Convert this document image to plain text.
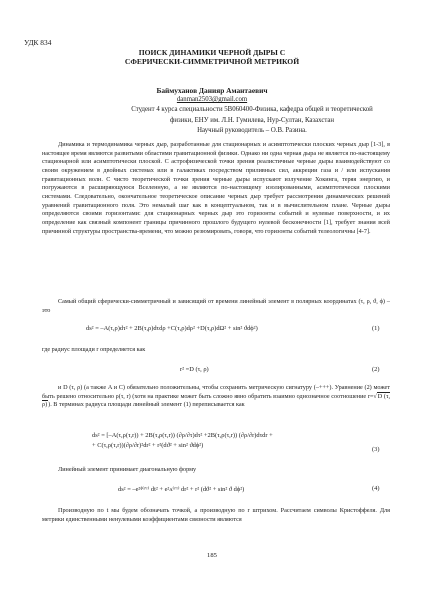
УДК 834
ПОИСК ДИНАМИКИ ЧЕРНОЙ ДЫРЫ С
СФЕРИЧЕСКИ-СИММЕТРИЧНОЙ МЕТРИКОЙ
Баймуханов Данияр Амантаевич
danman2503@gmail.com
Студент 4 курса специальности 5В060400-Физика, кафедра общей и теоретической
физики, ЕНУ им. Л.Н. Гумилева, Нур-Султан, Казахстан
Научный руководитель – О.В. Разина.
Динамика и термодинамика черных дыр, разработанные для стационарных и асимптотически плоских черных дыр [1-3], в настоящее время являются развитыми областями гравитационной физики. Однако ни одна черная дыра не является по-настоящему стационарной или асимптотически плоской. С астрофизической точки зрения реалистичные черные дыры взаимодействуют со своим окружением в двойных системах или в галактиках посредством приливных сил, аккреции газа и / или испускания гравитационных волн. С чисто теоретической точки зрения черные дыры испускают излучение Хокинга, теряя энергию, и погружаются в расширяющуюся Вселенную, а не являются по-настоящему изолированными, асимптотически плоскими системами. Следовательно, окончательное теоретическое описание черных дыр требует рассмотрения динамических решений уравнений гравитационного поля. Это немалый шаг как в концептуальном, так и в вычислительном плане. Черные дыры определяются своими горизонтами: для стационарных черных дыр это горизонты событий и нулевые поверхности, и их определение как связный компонент границы причинного прошлого будущего нулевой бесконечности [1], требует знания всей причинной структуры пространства-времени, что можно резюмировать, говоря, что горизонты событий телеологичны [4-7].
Самый общий сферически-симметричный и зависящий от времени линейный элемент в полярных координатах (τ, ρ, ϑ, ϕ) – это
ds² = –A(τ,ρ)dτ² + 2B(τ,ρ)dτdρ +C(τ,ρ)dρ² +D(τ,ρ)dΩ² + sin² ϑdϕ²)	(1)
где радиус площади r определяется как
r² =D (τ, ρ)	(2)
и D (τ, ρ) (а также A и C) обязательно положительны, чтобы сохранить метрическую сигнатуру (–+++). Уравнение (2) может быть решено относительно ρ(τ, r) (хотя на практике может быть сложно явно обратить взаимно однозначное соотношение r=√D (τ, ρ)). В терминах радиуса площади линейный элемент (1) переписывается как
ds² = [–A(τ,ρ(τ,r)) + 2B(τ,ρ(τ,r)) (∂ρ/∂τ)dτ² +2B(τ,ρ(τ,r)) (∂ρ/∂r)dτdr +
+ C(τ,ρ(τ,r))(∂ρ/∂r)²dr² + r²(dϑ² + sin² ϑdϕ²)
(3)
Линейный элемент принимает диагональную форму
ds² = –e²ᶲ⁽ᵗ'ʳ⁾ dt² + e²ᴧ⁽ᵗ'ʳ⁾ dr² + r² (dϑ² + sin² ϑ dϕ²)	(4)
Производную по t мы будем обозначать точкой, а производную по r штрихом. Рассчитаем символы Кристоффеля. Для метрики единственными ненулевыми коэффициентами связности являются
185
